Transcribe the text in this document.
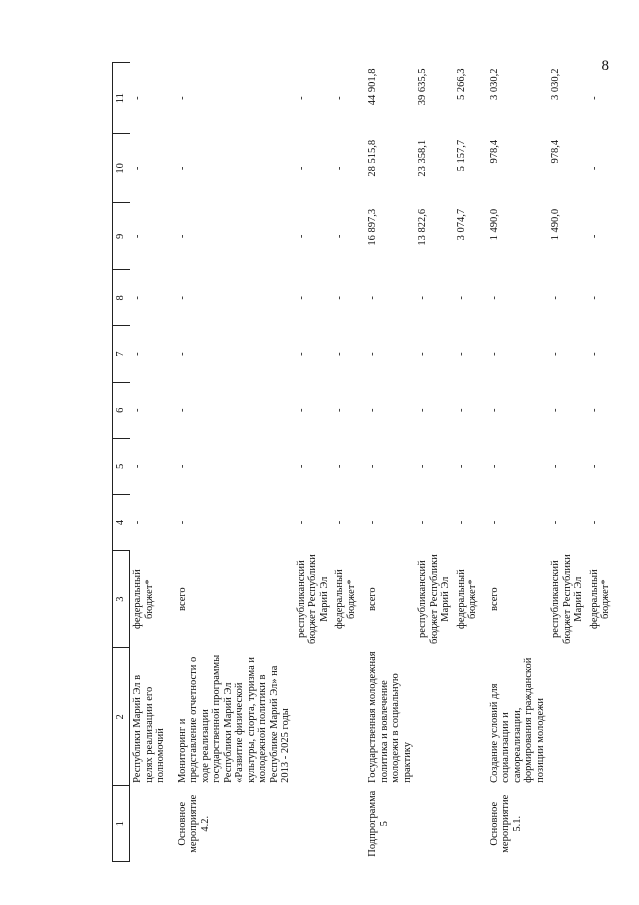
8
1	2	3	4	5	6	7	8	9	10	11
	Республики Марий Эл в целях реализации его полномочий	федеральный бюджет*	-	-	-	-	-	-	-	-

Основное мероприятие 4.2.	Мониторинг и представление отчетности о ходе реализации государственной программы Республики Марий Эл «Развитие физической культуры, спорта, туризма и молодежной политики в Республике Марий Эл» на 2013 - 2025 годы	всего	-	-	-	-	-	-	-	-
		республиканский бюджет Республики Марий Эл	-	-	-	-	-	-	-	-
		федеральный бюджет*	-	-	-	-	-	-	-	-

Подпрограмма 5	Государственная молодежная политика и вовлечение молодежи в социальную практику	всего	-	-	-	-	-	16 897,3	28 515,8	44 901,8
		республиканский бюджет Республики Марий Эл	-	-	-	-	-	13 822,6	23 358,1	39 635,5
		федеральный бюджет*	-	-	-	-	-	3 074,7	5 157,7	5 266,3

Основное мероприятие 5.1.	Создание условий для социализации и самореализации, формирования гражданской позиции молодежи	всего	-	-	-	-	-	1 490,0	978,4	3 030,2
		республиканский бюджет Республики Марий Эл	-	-	-	-	-	1 490,0	978,4	3 030,2
		федеральный бюджет*	-	-	-	-	-	-	-	-
